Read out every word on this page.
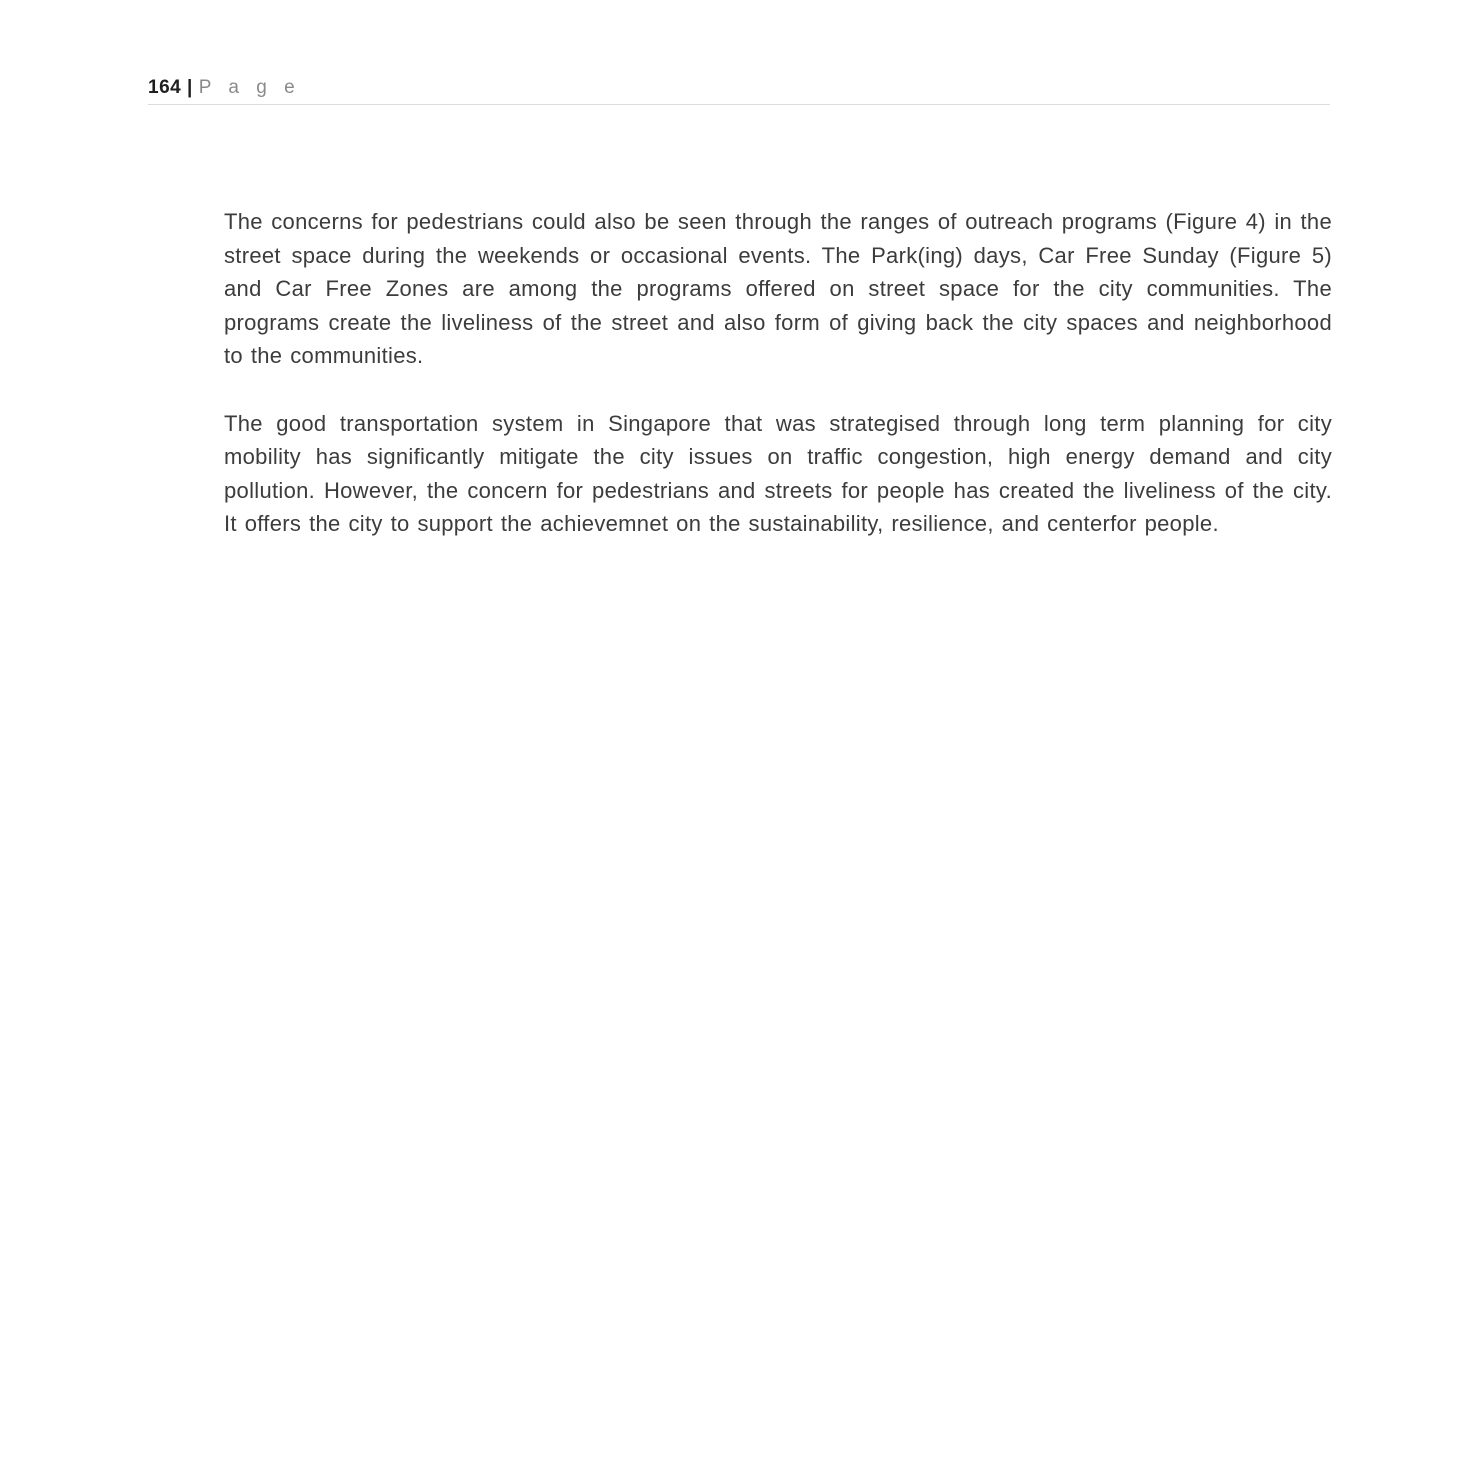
164 | P a g e

The concerns for pedestrians could also be seen through the ranges of outreach programs (Figure 4) in the street space during the weekends or occasional events. The Park(ing) days, Car Free Sunday (Figure 5) and Car Free Zones are among the programs offered on street space for the city communities. The programs create the liveliness of the street and also form of giving back the city spaces and neighborhood to the communities.

The good transportation system in Singapore that was strategised through long term planning for city mobility has significantly mitigate the city issues on traffic congestion, high energy demand and city pollution. However, the concern for pedestrians and streets for people has created the liveliness of the city. It offers the city to support the achievemnet on the sustainability, resilience, and centerfor people.
